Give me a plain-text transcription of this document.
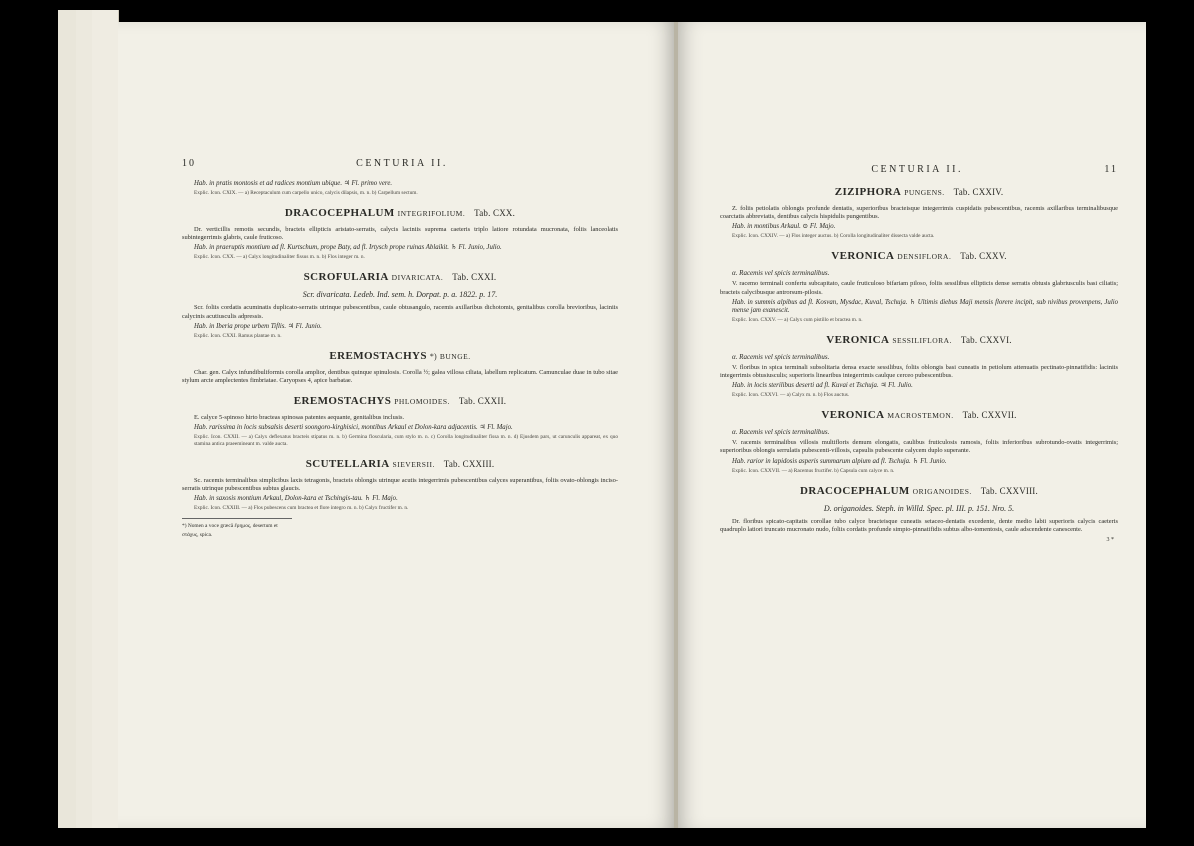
10	CENTURIA II.

Hab. in pratis montosis et ad radices montium ubique. ♃ Fl. primo vere.

Explic. Icon. CXIX. — a) Receptaculum cum carpello unico, calycis dilapsis, m. n. b) Carpellum sectum.

DRACOCEPHALUM INTEGRIFOLIUM. Tab. CXX.

Dr. verticillis remotis secundis, bracteis ellipticis aristato-serratis, calycis laciniis suprema caeteris triplo latiore rotundata mucronata, foliis lanceolatis subintegerrimis glabris, caule fruticoso.

Hab. in praeruptis montium ad fl. Kurtschum, prope Baty, ad fl. Irtysch prope ruinas Ablaikit. ♄ Fl. Junio, Julio.

Explic. Icon. CXX. — a) Calyx longitudinaliter fissus m. n. b) Flos integer m. n.

SCROFULARIA DIVARICATA. Tab. CXXI.

Scr. divaricata. Ledeb. Ind. sem. h. Dorpat. p. a. 1822. p. 17.

Scr. foliis cordatis acuminatis duplicato-serratis utrinque pubescentibus, caule obtusangulo, racemis axillaribus dichotomis, genitalibus corolla brevioribus, laciniis calycinis acutiusculis adpressis.

Hab. in Iberia prope urbem Tiflis. ♃ Fl. Junio.

Explic. Icon. CXXI. Ramus plantae m. n.

EREMOSTACHYS *) BUNGE.

Char. gen. Calyx infundibuliformis corolla amplior, dentibus quinque spinulosis. Corolla ½; galea villosa ciliata, labellum replicatum. Camunculae duae in tubo sitae stylum arcte amplectentes fimbriatae. Caryopses 4, apice barbatae.

EREMOSTACHYS PHLOMOIDES. Tab. CXXII.

E. calyce 5-spinoso hirto bracteas spinosas patentes aequante, genitalibus inclusis.

Hab. rarissima in locis subsalsis deserti soongoro-kirghisici, montibus Arkaul et Dolon-kara adjacentis. ♃ Fl. Majo.

Explic. Icon. CXXII. — a) Calyx deflexatus bracteis stipatus m. n. b) Germina floscularia, cum stylo m. n. c) Corolla longitudinaliter fissa m. n. d) Ejusdem pars, ut carunculis appareat, ex quo stamina antica praeemineant m. valde aucta.

SCUTELLARIA SIEVERSII. Tab. CXXIII.

Sc. racemis terminalibus simplicibus laxis tetragonis, bracteis oblongis utrinque acutis integerrimis pubescentibus calyces superantibus, foliis ovato-oblongis inciso-serratis utrinque pubescentibus subtus glaucis.

Hab. in saxosis montium Arkaul, Dolon-kara et Tschingis-tau. ♄ Fl. Majo.

Explic. Icon. CXXIII. — a) Flos pubescens cum bractea et flore integro m. n. b) Calyx fructifer m. n.

*) Nomen a voce græcâ ἔρημος, desertum et στάχυς, spica.
CENTURIA II.	11
ZIZIPHORA PUNGENS. Tab. CXXIV.

Z. foliis petiolatis oblongis profunde dentatis, superioribus bracteisque integerrimis cuspidatis pubescentibus, racemis axillaribus terminalibusque coarctatis abbreviatis, dentibus calycis hispidulis pungentibus.

Hab. in montibus Arkaul. ⊙ Fl. Majo.

Explic. Icon. CXXIV. — a) Flos integer auctus. b) Corolla longitudinaliter dissecta valde aucta.

VERONICA DENSIFLORA. Tab. CXXV.

α. Racemis vel spicis terminalibus.

V. racemo terminali confertu subcapitato, caule fruticuloso bifariam piloso, foliis sessilibus ellipticis dense serratis obtusis glabriusculis basi ciliatis; bracteis calycibusque antrorsum-pilosis.

Hab. in summis alpibus ad fl. Kosvan, Mysdac, Kuval, Tschuja. ♄ Ultimis diebus Maji mensis florere incipit, sub nivibus provenpens, Julio mense jam exanescit.

Explic. Icon. CXXV. — a) Calyx cum pistillo et bractea m. n.

VERONICA SESSILIFLORA. Tab. CXXVI.

α. Racemis vel spicis terminalibus.

V. floribus in spica terminali subsolitaria densa exacte sessilibus, foliis oblongis basi cuneatis in petiolum attenuatis pectinato-pinnatifidis: laciniis integerrimis obtusiusculis; superioris linearibus integerrimis caulque cerceo pubescentibus.

Hab. in locis sterilibus deserti ad fl. Kuvai et Tschuja. ♃ Fl. Julio.

Explic. Icon. CXXVI. — a) Calyx m. n. b) Flos auctus.

VERONICA MACROSTEMON. Tab. CXXVII.

α. Racemis vel spicis terminalibus.

V. racemis terminalibus villosis multifloris demum elongatis, caulibus fruticulosis ramosis, foliis inferioribus subrotundo-ovatis integerrimis; superioribus oblongis serrulatis pubescenti-villosis, capsulis pubescente calycem duplo superante.

Hab. rarior in lapidosis asperis summarum alpium ad fl. Tschuja. ♄ Fl. Junio.

Explic. Icon. CXXVII. — a) Racemus fructifer. b) Capsula cum calyce m. n.

DRACOCEPHALUM ORIGANOIDES. Tab. CXXVIII.

D. origanoides. Steph. in Willd. Spec. pl. III. p. 151. Nro. 5.

Dr. floribus spicato-capitatis corollae tubo calyce bracteisque cuneatis setaceo-dentatis excedente, dente medio labii superioris calycis caeteris quadruplo latiori truncato mucronato nudo, foliis cordatis profunde simpio-pinnatifidis subtus albo-tomentosis, caule adscendente canescente.

3 *
